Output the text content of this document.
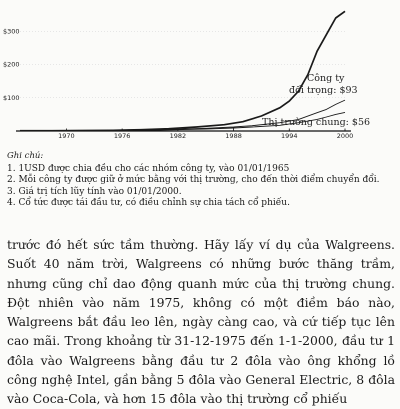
$100
$200
$300
1970	1976	1982	1988	1994	2000
Công ty
đối trọng: $93
Thị trường chung: $56
Ghi chú:
1. 1USD được chia đều cho các nhóm công ty, vào 01/01/1965
2. Mỗi công ty được giữ ở mức bằng với thị trường, cho đến thời điểm chuyển đổi.
3. Giá trị tích lũy tính vào 01/01/2000.
4. Cổ tức được tái đầu tư, có điều chỉnh sự chia tách cổ phiếu.
trước đó hết sức tầm thường. Hãy lấy ví dụ của Walgreens. Suốt 40 năm trời, Walgreens có những bước thăng trầm, nhưng cũng chỉ dao động quanh mức của thị trường chung. Đột nhiên vào năm 1975, không có một điềm báo nào, Walgreens bắt đầu leo lên, ngày càng cao, và cứ tiếp tục lên cao mãi. Trong khoảng từ 31-12-1975 đến 1-1-2000, đầu tư 1 đôla vào Walgreens bằng đầu tư 2 đôla vào ông khổng lồ công nghệ Intel, gần bằng 5 đôla vào General Electric, 8 đôla vào Coca-Cola, và hơn 15 đôla vào thị trường cổ phiếu
